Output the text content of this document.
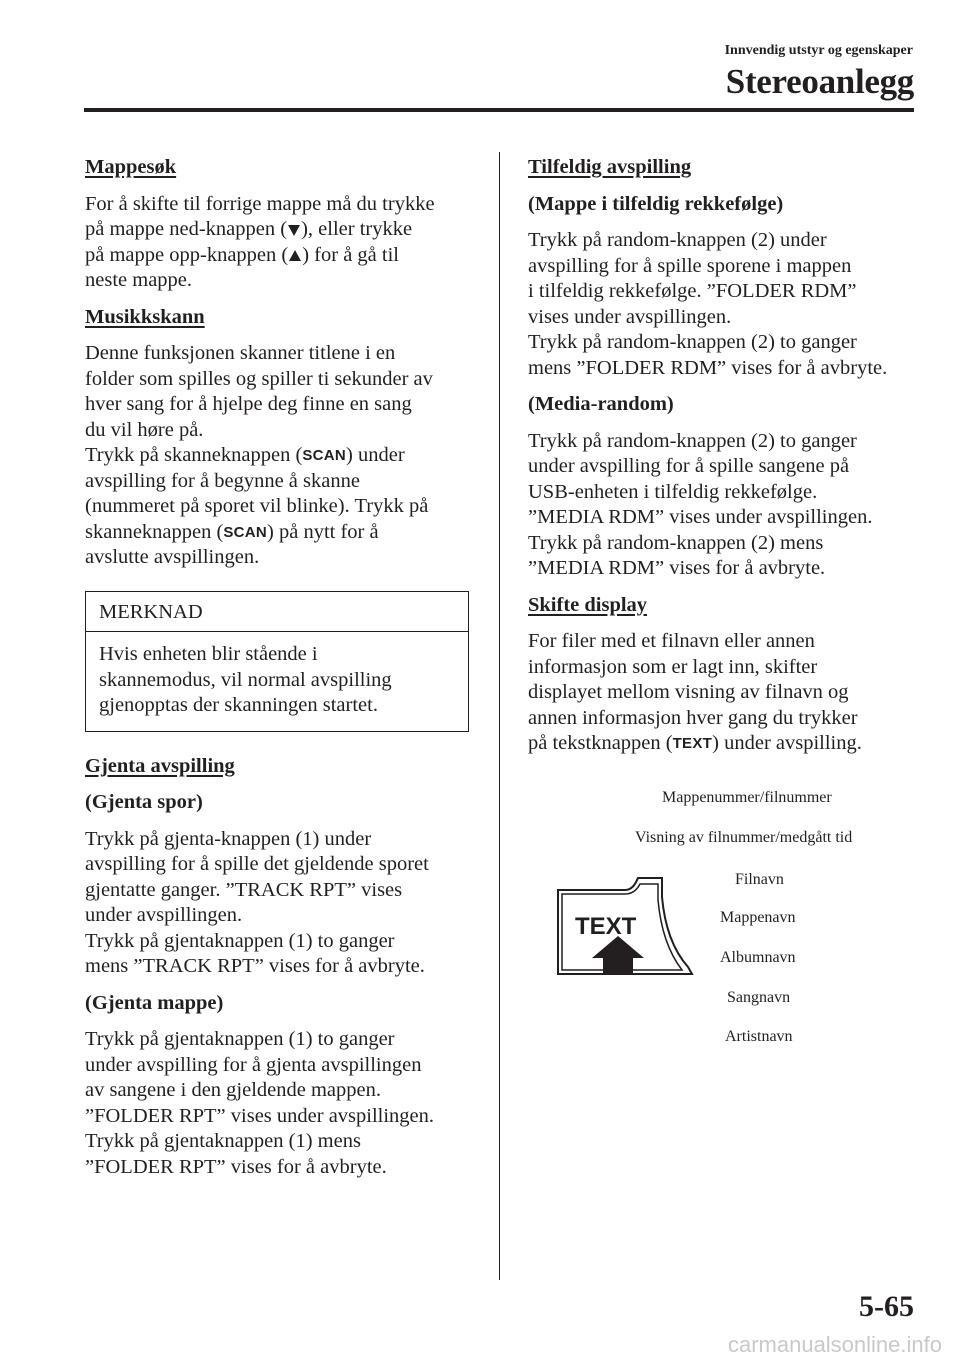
Innvendig utstyr og egenskaper
Stereoanlegg
Mappesøk

For å skifte til forrige mappe må du trykke
på mappe ned-knappen ( ), eller trykke
på mappe opp-knappen ( ) for å gå til
neste mappe.

Musikkskann

Denne funksjonen skanner titlene i en
folder som spilles og spiller ti sekunder av
hver sang for å hjelpe deg finne en sang
du vil høre på.
Trykk på skanneknappen (SCAN) under
avspilling for å begynne å skanne
(nummeret på sporet vil blinke). Trykk på
skanneknappen (SCAN) på nytt for å
avslutte avspillingen.

MERKNAD
Hvis enheten blir stående i
skannemodus, vil normal avspilling
gjenopptas der skanningen startet.
Gjenta avspilling
(Gjenta spor)

Trykk på gjenta-knappen (1) under
avspilling for å spille det gjeldende sporet
gjentatte ganger. ”TRACK RPT” vises
under avspillingen.
Trykk på gjentaknappen (1) to ganger
mens ”TRACK RPT” vises for å avbryte.

(Gjenta mappe)

Trykk på gjentaknappen (1) to ganger
under avspilling for å gjenta avspillingen
av sangene i den gjeldende mappen.
”FOLDER RPT” vises under avspillingen.
Trykk på gjentaknappen (1) mens
”FOLDER RPT” vises for å avbryte.

Tilfeldig avspilling
(Mappe i tilfeldig rekkefølge)

Trykk på random-knappen (2) under
avspilling for å spille sporene i mappen
i tilfeldig rekkefølge. ”FOLDER RDM”
vises under avspillingen.
Trykk på random-knappen (2) to ganger
mens ”FOLDER RDM” vises for å avbryte.

(Media-random)

Trykk på random-knappen (2) to ganger
under avspilling for å spille sangene på
USB-enheten i tilfeldig rekkefølge.
”MEDIA RDM” vises under avspillingen.
Trykk på random-knappen (2) mens
”MEDIA RDM” vises for å avbryte.

Skifte display

For filer med et filnavn eller annen
informasjon som er lagt inn, skifter
displayet mellom visning av filnavn og
annen informasjon hver gang du trykker
på tekstknappen (TEXT) under avspilling.

TEXT
Mappenummer/filnummer
Visning av filnummer/medgått tid
Filnavn
Mappenavn
Albumnavn
Sangnavn
Artistnavn
5-65
carmanualsonline.info
